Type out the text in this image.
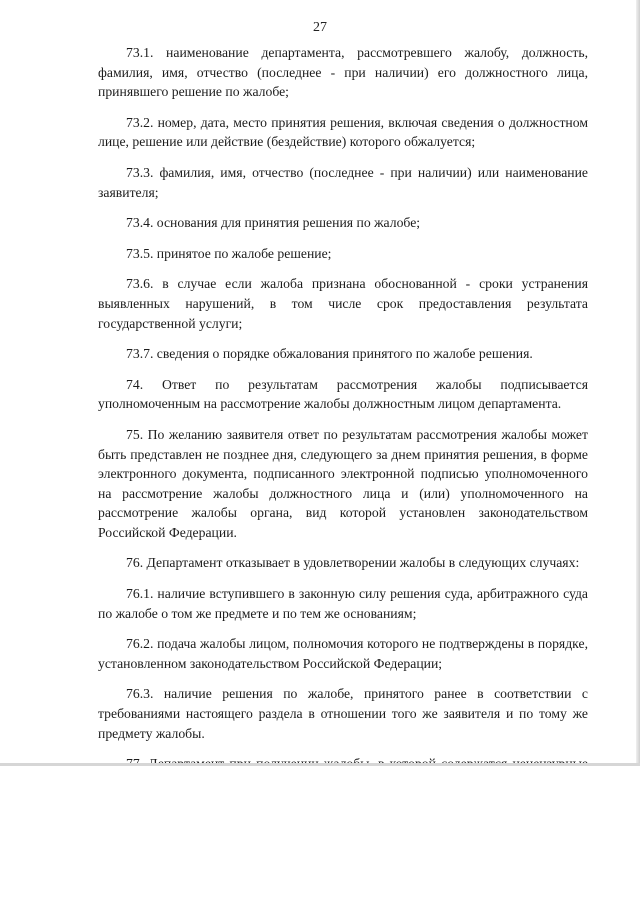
27

73.1. наименование департамента, рассмотревшего жалобу, должность, фамилия, имя, отчество (последнее - при наличии) его должностного лица, принявшего решение по жалобе;

73.2. номер, дата, место принятия решения, включая сведения о должностном лице, решение или действие (бездействие) которого обжалуется;

73.3. фамилия, имя, отчество (последнее - при наличии) или наименование заявителя;

73.4. основания для принятия решения по жалобе;

73.5. принятое по жалобе решение;

73.6. в случае если жалоба признана обоснованной - сроки устранения выявленных нарушений, в том числе срок предоставления результата государственной услуги;

73.7. сведения о порядке обжалования принятого по жалобе решения.

74. Ответ по результатам рассмотрения жалобы подписывается уполномоченным на рассмотрение жалобы должностным лицом департамента.

75. По желанию заявителя ответ по результатам рассмотрения жалобы может быть представлен не позднее дня, следующего за днем принятия решения, в форме электронного документа, подписанного электронной подписью уполномоченного на рассмотрение жалобы должностного лица и (или) уполномоченного на рассмотрение жалобы органа, вид которой установлен законодательством Российской Федерации.

76. Департамент отказывает в удовлетворении жалобы в следующих случаях:

76.1. наличие вступившего в законную силу решения суда, арбитражного суда по жалобе о том же предмете и по тем же основаниям;

76.2. подача жалобы лицом, полномочия которого не подтверждены в порядке, установленном законодательством Российской Федерации;

76.3. наличие решения по жалобе, принятого ранее в соответствии с требованиями настоящего раздела в отношении того же заявителя и по тому же предмету жалобы.
